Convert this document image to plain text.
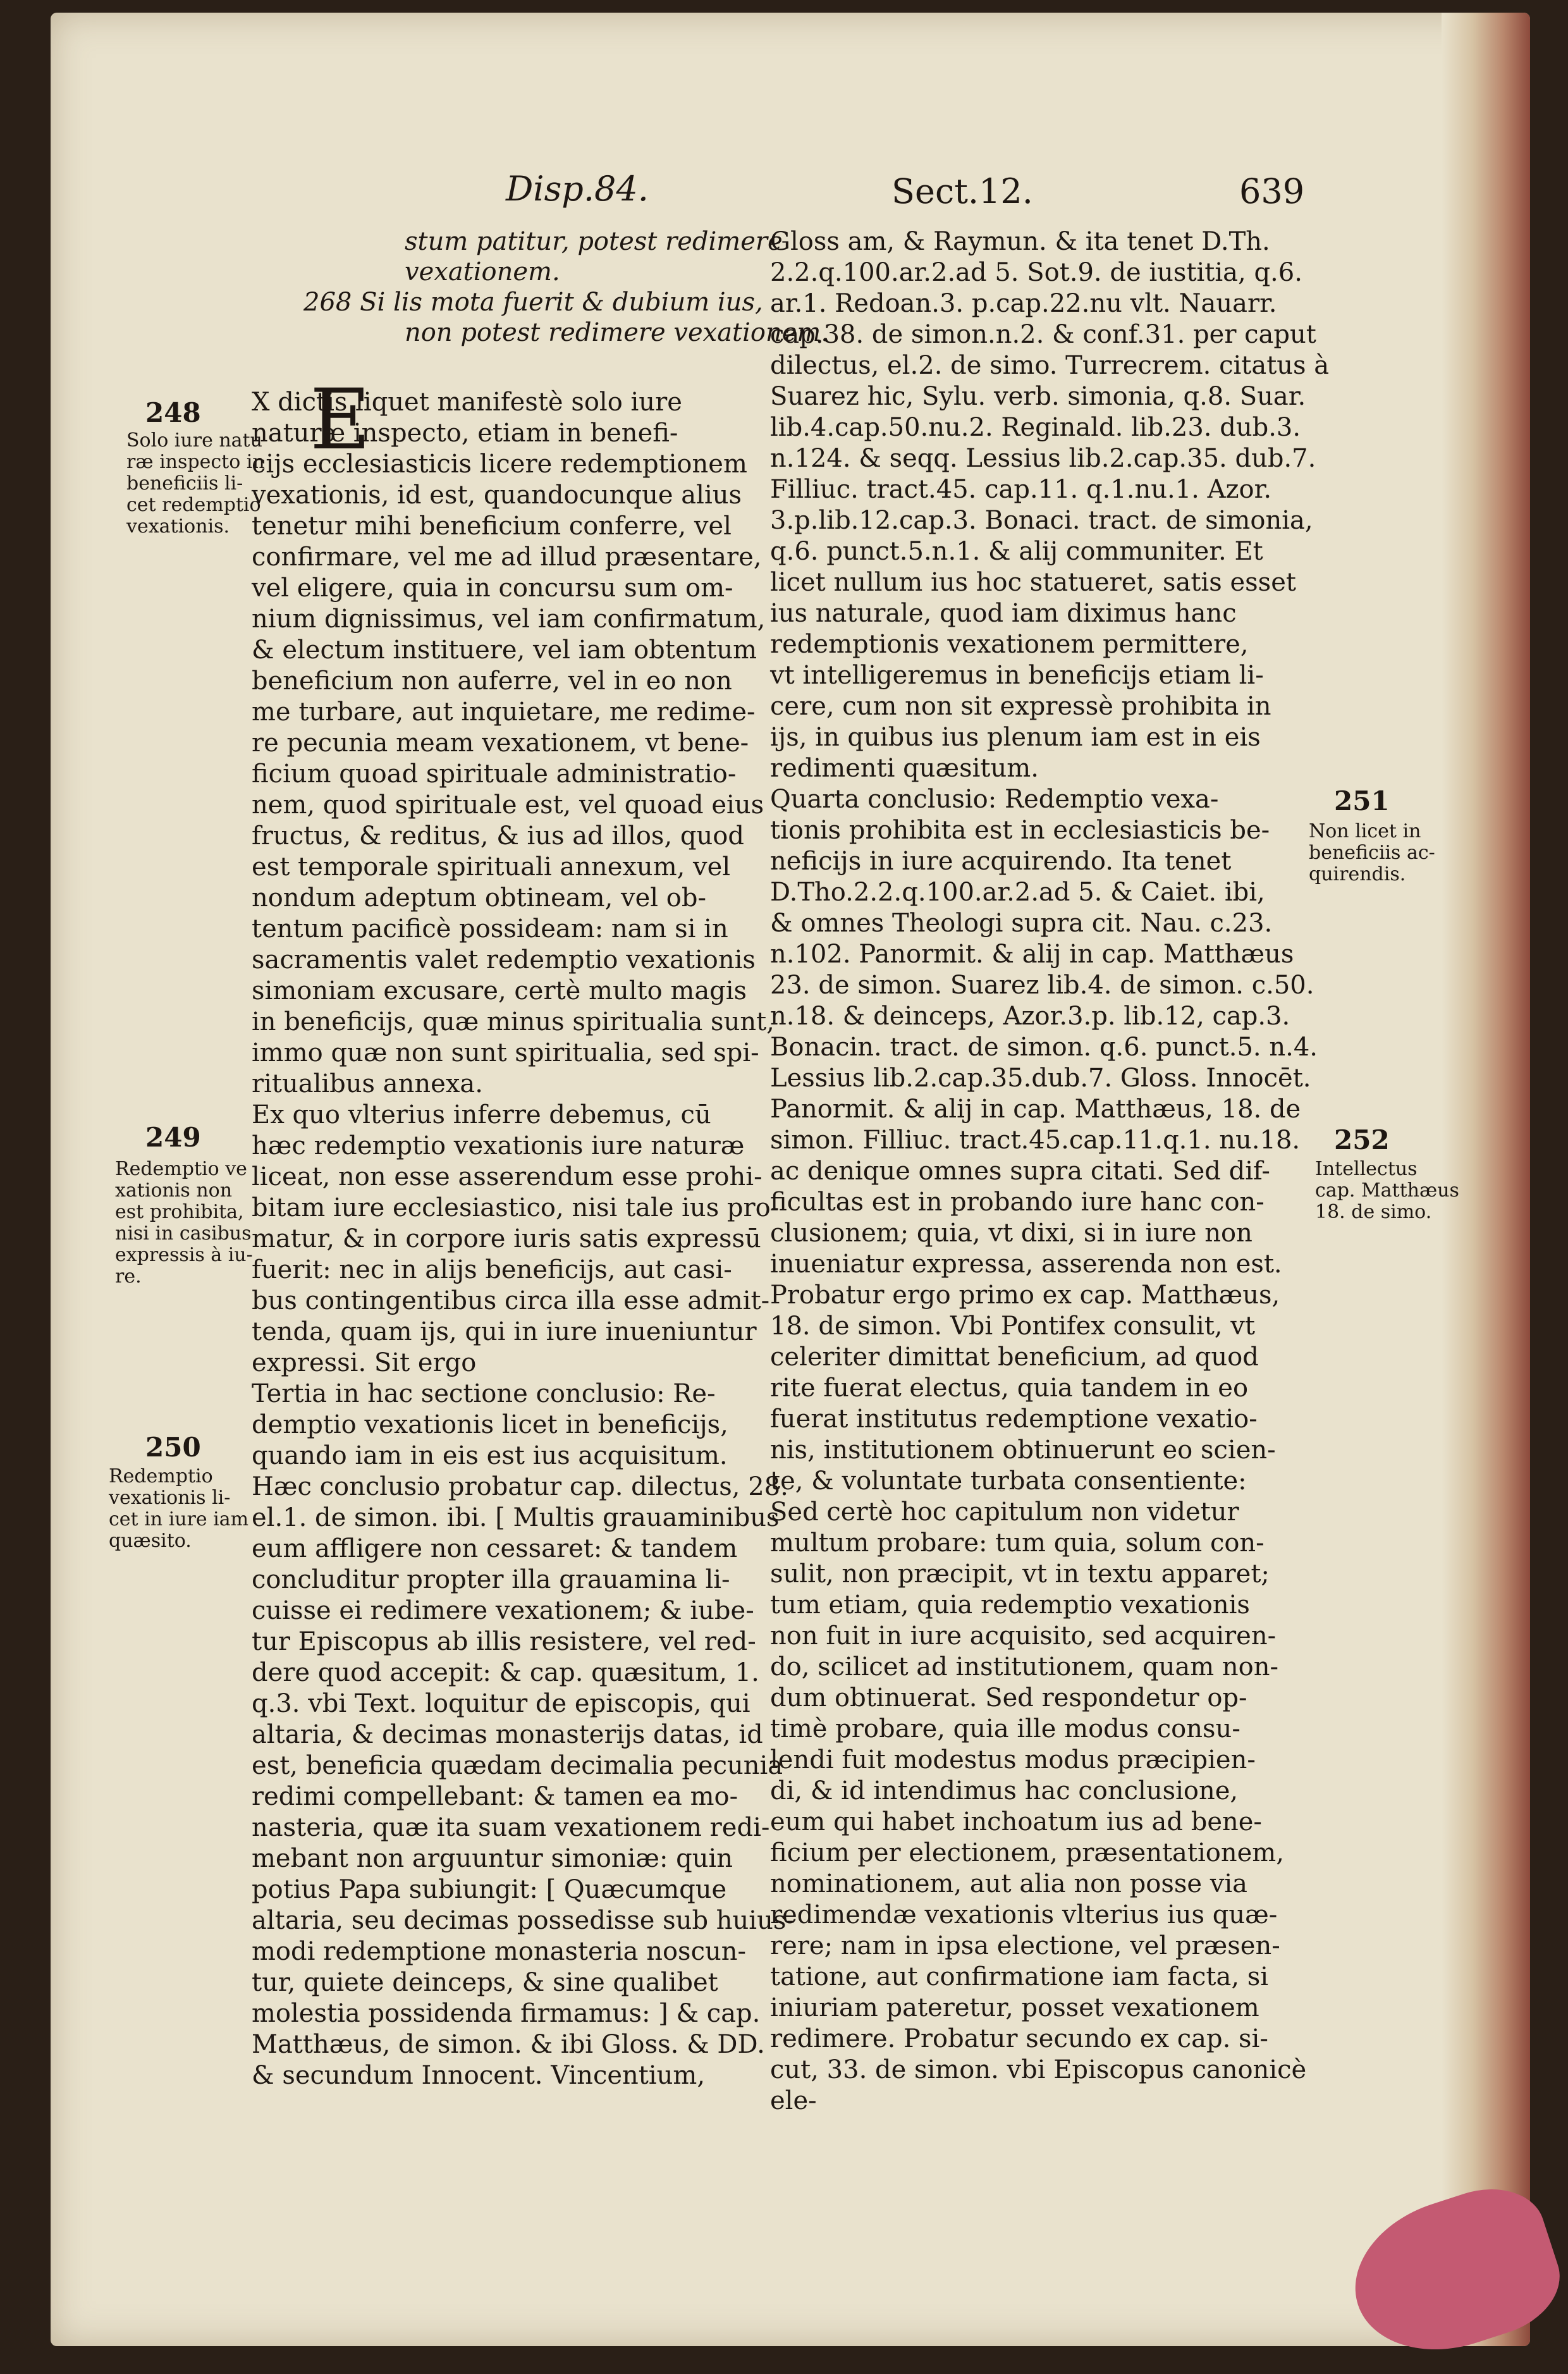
Disp.84.	Sect.12.	639
stum patitur, potest redimere
vexationem.
268 Si lis mota fuerit & dubium ius,
non potest redimere vexationem.
E
X dictis liquet manifestè solo iure
naturæ inspecto, etiam in benefi-
cijs ecclesiasticis licere redemptionem
vexationis, id est, quandocunque alius
tenetur mihi beneficium conferre, vel
confirmare, vel me ad illud præsentare,
vel eligere, quia in concursu sum om-
nium dignissimus, vel iam confirmatum,
& electum instituere, vel iam obtentum
beneficium non auferre, vel in eo non
me turbare, aut inquietare, me redime-
re pecunia meam vexationem, vt bene-
ficium quoad spirituale administratio-
nem, quod spirituale est, vel quoad eius
fructus, & reditus, & ius ad illos, quod
est temporale spirituali annexum, vel
nondum adeptum obtineam, vel ob-
tentum pacificè possideam: nam si in
sacramentis valet redemptio vexationis
simoniam excusare, certè multo magis
in beneficijs, quæ minus spiritualia sunt,
immo quæ non sunt spiritualia, sed spi-
ritualibus annexa.
Ex quo vlterius inferre debemus, cū
hæc redemptio vexationis iure naturæ
liceat, non esse asserendum esse prohi-
bitam iure ecclesiastico, nisi tale ius pro-
matur, & in corpore iuris satis expressū
fuerit: nec in alijs beneficijs, aut casi-
bus contingentibus circa illa esse admit-
tenda, quam ijs, qui in iure inueniuntur
expressi. Sit ergo
Tertia in hac sectione conclusio: Re-
demptio vexationis licet in beneficijs,
quando iam in eis est ius acquisitum.
Hæc conclusio probatur cap. dilectus, 28.
el.1. de simon. ibi. [ Multis grauaminibus
eum affligere non cessaret: & tandem
concluditur propter illa grauamina li-
cuisse ei redimere vexationem; & iube-
tur Episcopus ab illis resistere, vel red-
dere quod accepit: & cap. quæsitum, 1.
q.3. vbi Text. loquitur de episcopis, qui
altaria, & decimas monasterijs datas, id
est, beneficia quædam decimalia pecunia
redimi compellebant: & tamen ea mo-
nasteria, quæ ita suam vexationem redi-
mebant non arguuntur simoniæ: quin
potius Papa subiungit: [ Quæcumque
altaria, seu decimas possedisse sub huius-
modi redemptione monasteria noscun-
tur, quiete deinceps, & sine qualibet
molestia possidenda firmamus: ] & cap.
Matthæus, de simon. & ibi Gloss. & DD.
& secundum Innocent. Vincentium,
Gloss am, & Raymun. & ita tenet D.Th.
2.2.q.100.ar.2.ad 5. Sot.9. de iustitia, q.6.
ar.1. Redoan.3. p.cap.22.nu vlt. Nauarr.
cap.38. de simon.n.2. & conf.31. per caput
dilectus, el.2. de simo. Turrecrem. citatus à
Suarez hic, Sylu. verb. simonia, q.8. Suar.
lib.4.cap.50.nu.2. Reginald. lib.23. dub.3.
n.124. & seqq. Lessius lib.2.cap.35. dub.7.
Filliuc. tract.45. cap.11. q.1.nu.1. Azor.
3.p.lib.12.cap.3. Bonaci. tract. de simonia,
q.6. punct.5.n.1. & alij communiter. Et
licet nullum ius hoc statueret, satis esset
ius naturale, quod iam diximus hanc
redemptionis vexationem permittere,
vt intelligeremus in beneficijs etiam li-
cere, cum non sit expressè prohibita in
ijs, in quibus ius plenum iam est in eis
redimenti quæsitum.
Quarta conclusio: Redemptio vexa-
tionis prohibita est in ecclesiasticis be-
neficijs in iure acquirendo. Ita tenet
D.Tho.2.2.q.100.ar.2.ad 5. & Caiet. ibi,
& omnes Theologi supra cit. Nau. c.23.
n.102. Panormit. & alij in cap. Matthæus
23. de simon. Suarez lib.4. de simon. c.50.
n.18. & deinceps, Azor.3.p. lib.12, cap.3.
Bonacin. tract. de simon. q.6. punct.5. n.4.
Lessius lib.2.cap.35.dub.7. Gloss. Innocēt.
Panormit. & alij in cap. Matthæus, 18. de
simon. Filliuc. tract.45.cap.11.q.1. nu.18.
ac denique omnes supra citati. Sed dif-
ficultas est in probando iure hanc con-
clusionem; quia, vt dixi, si in iure non
inueniatur expressa, asserenda non est.
Probatur ergo primo ex cap. Matthæus,
18. de simon. Vbi Pontifex consulit, vt
celeriter dimittat beneficium, ad quod
rite fuerat electus, quia tandem in eo
fuerat institutus redemptione vexatio-
nis, institutionem obtinuerunt eo scien-
te, & voluntate turbata consentiente:
Sed certè hoc capitulum non videtur
multum probare: tum quia, solum con-
sulit, non præcipit, vt in textu apparet;
tum etiam, quia redemptio vexationis
non fuit in iure acquisito, sed acquiren-
do, scilicet ad institutionem, quam non-
dum obtinuerat. Sed respondetur op-
timè probare, quia ille modus consu-
lendi fuit modestus modus præcipien-
di, & id intendimus hac conclusione,
eum qui habet inchoatum ius ad bene-
ficium per electionem, præsentationem,
nominationem, aut alia non posse via
redimendæ vexationis vlterius ius quæ-
rere; nam in ipsa electione, vel præsen-
tatione, aut confirmatione iam facta, si
iniuriam pateretur, posset vexationem
redimere. Probatur secundo ex cap. si-
cut, 33. de simon. vbi Episcopus canonicè
ele-
248
Solo iure natu
ræ inspecto in
beneficiis li-
cet redemptio
vexationis.
249
Redemptio ve
xationis non
est prohibita,
nisi in casibus
expressis à iu-
re.
250
Redemptio
vexationis li-
cet in iure iam
quæsito.
251
Non licet in
beneficiis ac-
quirendis.
252
Intellectus
cap. Matthæus
18. de simo.
